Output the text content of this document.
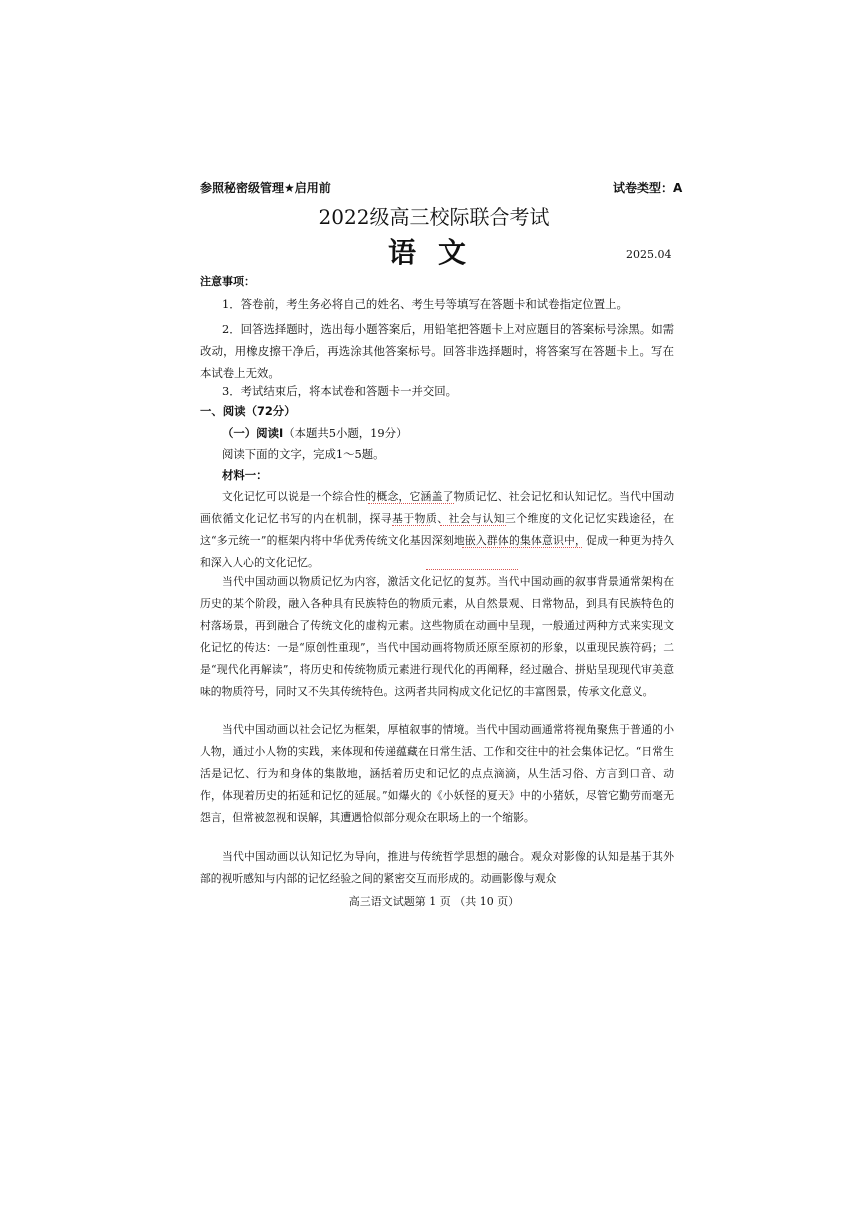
参照秘密级管理★启用前	试卷类型：A
2022级高三校际联合考试
语文	2025.04
注意事项：
1．答卷前，考生务必将自己的姓名、考生号等填写在答题卡和试卷指定位置上。
2．回答选择题时，选出每小题答案后，用铅笔把答题卡上对应题目的答案标号涂黑。如需改动，用橡皮擦干净后，再选涂其他答案标号。回答非选择题时，将答案写在答题卡上。写在本试卷上无效。
3．考试结束后，将本试卷和答题卡一并交回。
一、阅读（72分）
（一）阅读Ⅰ（本题共5小题，19分）
阅读下面的文字，完成1～5题。
材料一：
文化记忆可以说是一个综合性的概念，它涵盖了物质记忆、社会记忆和认知记忆。当代中国动画依循文化记忆书写的内在机制，探寻基于物质、社会与认知三个维度的文化记忆实践途径，在这“多元统一”的框架内将中华优秀传统文化基因深刻地嵌入群体的集体意识中，促成一种更为持久和深入人心的文化记忆。
当代中国动画以物质记忆为内容，激活文化记忆的复苏。当代中国动画的叙事背景通常架构在历史的某个阶段，融入各种具有民族特色的物质元素，从自然景观、日常物品，到具有民族特色的村落场景，再到融合了传统文化的虚构元素。这些物质在动画中呈现，一般通过两种方式来实现文化记忆的传达：一是“原创性重现”，当代中国动画将物质还原至原初的形象，以重现民族符码；二是“现代化再解读”，将历史和传统物质元素进行现代化的再阐释，经过融合、拼贴呈现现代审美意味的物质符号，同时又不失其传统特色。这两者共同构成文化记忆的丰富图景，传承文化意义。
当代中国动画以社会记忆为框架，厚植叙事的情境。当代中国动画通常将视角聚焦于普通的小人物，通过小人物的实践，来体现和传递蕴藏在日常生活、工作和交往中的社会集体记忆。“日常生活是记忆、行为和身体的集散地，涵括着历史和记忆的点点滴滴，从生活习俗、方言到口音、动作，体现着历史的拓延和记忆的延展。”如爆火的《小妖怪的夏天》中的小猪妖，尽管它勤劳而毫无怨言，但常被忽视和误解，其遭遇恰似部分观众在职场上的一个缩影。
当代中国动画以认知记忆为导向，推进与传统哲学思想的融合。观众对影像的认知是基于其外部的视听感知与内部的记忆经验之间的紧密交互而形成的。动画影像与观众
高三语文试题第 1 页 （共 10 页）
